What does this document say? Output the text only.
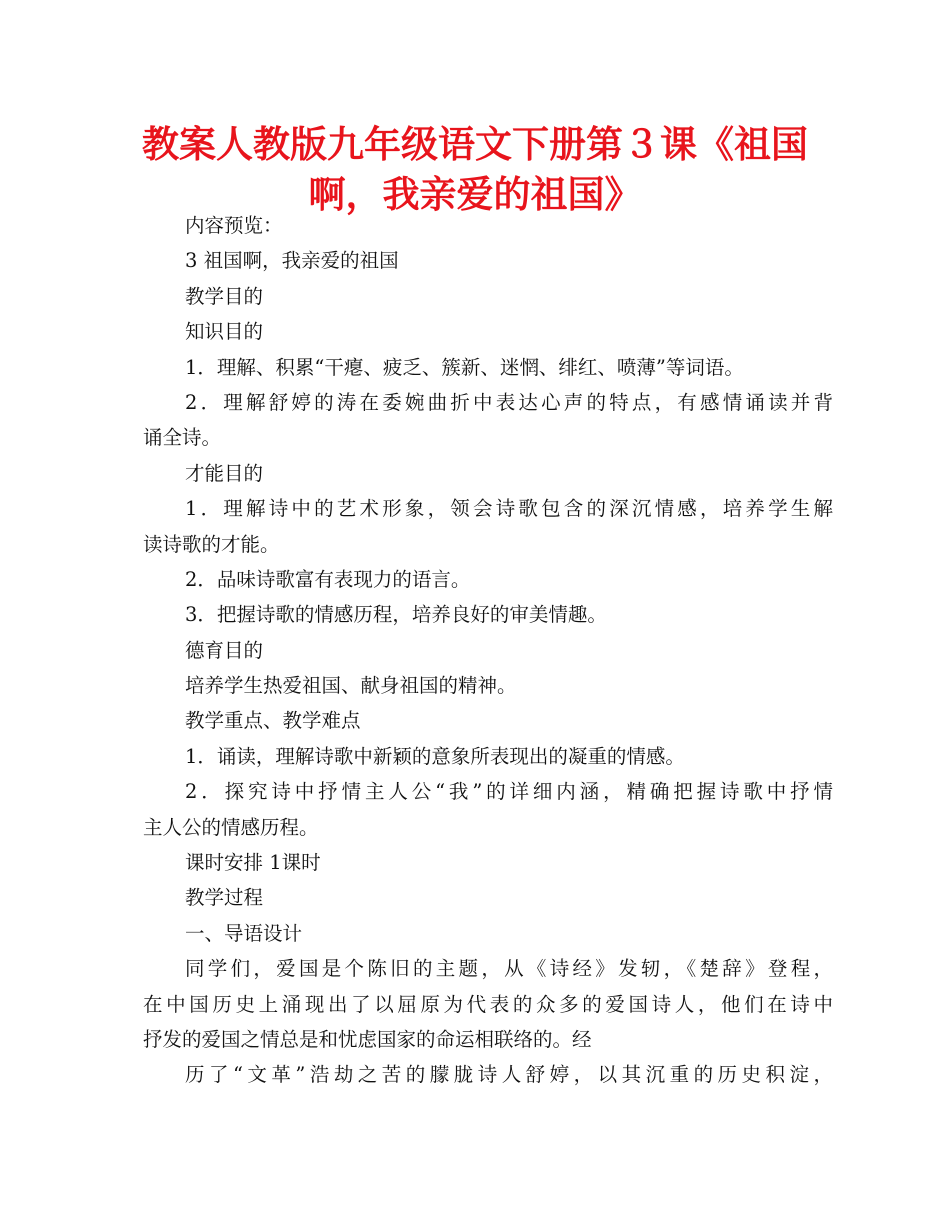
教案人教版九年级语文下册第３课《祖国
啊，我亲爱的祖国》
内容预览：
3 祖国啊，我亲爱的祖国
教学目的
知识目的
1．理解、积累“干瘪、疲乏、簇新、迷惘、绯红、喷薄”等词语。
2．理解舒婷的涛在委婉曲折中表达心声的特点，有感情诵读并背
诵全诗。
才能目的
1．理解诗中的艺术形象，领会诗歌包含的深沉情感，培养学生解
读诗歌的才能。
2．品味诗歌富有表现力的语言。
3．把握诗歌的情感历程，培养良好的审美情趣。
德育目的
培养学生热爱祖国、献身祖国的精神。
教学重点、教学难点
1．诵读，理解诗歌中新颖的意象所表现出的凝重的情感。
2．探究诗中抒情主人公“我”的详细内涵，精确把握诗歌中抒情
主人公的情感历程。
课时安排 1课时
教学过程
一、导语设计
同学们，爱国是个陈旧的主题，从《诗经》发轫，《楚辞》登程，
在中国历史上涌现出了以屈原为代表的众多的爱国诗人，他们在诗中
抒发的爱国之情总是和忧虑国家的命运相联络的。经
历了“文革”浩劫之苦的朦胧诗人舒婷，以其沉重的历史积淀，
